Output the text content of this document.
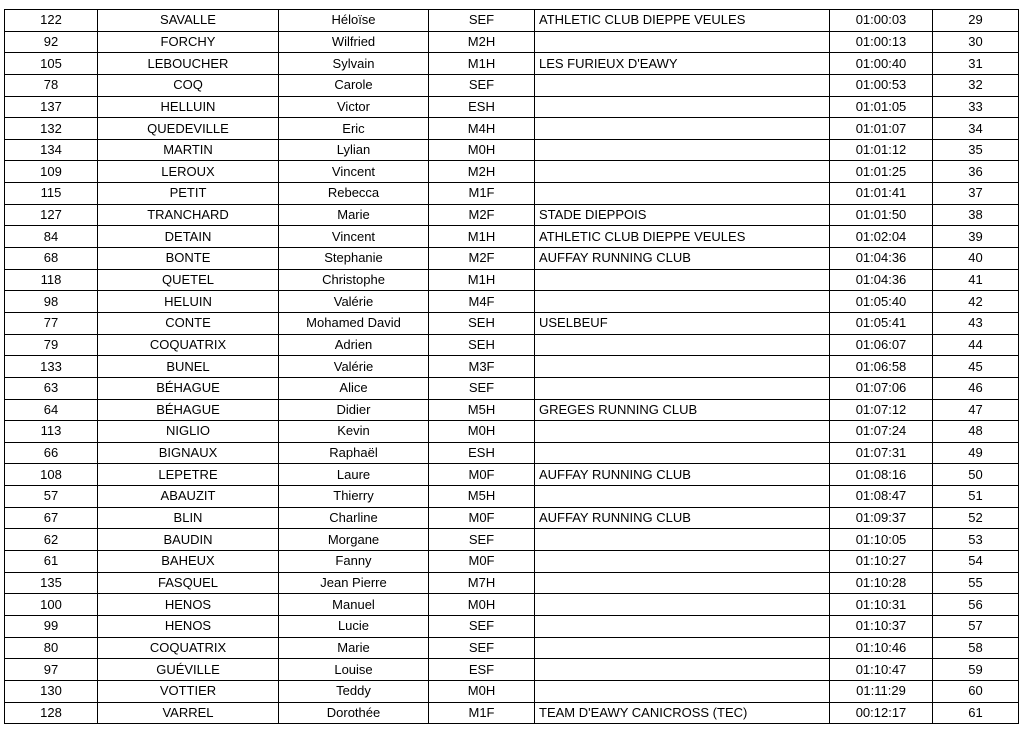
122	SAVALLE	Héloïse	SEF	ATHLETIC CLUB DIEPPE VEULES	01:00:03	29
92	FORCHY	Wilfried	M2H		01:00:13	30
105	LEBOUCHER	Sylvain	M1H	LES FURIEUX D'EAWY	01:00:40	31
78	COQ	Carole	SEF		01:00:53	32
137	HELLUIN	Victor	ESH		01:01:05	33
132	QUEDEVILLE	Eric	M4H		01:01:07	34
134	MARTIN	Lylian	M0H		01:01:12	35
109	LEROUX	Vincent	M2H		01:01:25	36
115	PETIT	Rebecca	M1F		01:01:41	37
127	TRANCHARD	Marie	M2F	STADE DIEPPOIS	01:01:50	38
84	DETAIN	Vincent	M1H	ATHLETIC CLUB DIEPPE VEULES	01:02:04	39
68	BONTE	Stephanie	M2F	AUFFAY RUNNING CLUB	01:04:36	40
118	QUETEL	Christophe	M1H		01:04:36	41
98	HELUIN	Valérie	M4F		01:05:40	42
77	CONTE	Mohamed David	SEH	USELBEUF	01:05:41	43
79	COQUATRIX	Adrien	SEH		01:06:07	44
133	BUNEL	Valérie	M3F		01:06:58	45
63	BÉHAGUE	Alice	SEF		01:07:06	46
64	BÉHAGUE	Didier	M5H	GREGES RUNNING CLUB	01:07:12	47
113	NIGLIO	Kevin	M0H		01:07:24	48
66	BIGNAUX	Raphaël	ESH		01:07:31	49
108	LEPETRE	Laure	M0F	AUFFAY RUNNING CLUB	01:08:16	50
57	ABAUZIT	Thierry	M5H		01:08:47	51
67	BLIN	Charline	M0F	AUFFAY RUNNING CLUB	01:09:37	52
62	BAUDIN	Morgane	SEF		01:10:05	53
61	BAHEUX	Fanny	M0F		01:10:27	54
135	FASQUEL	Jean Pierre	M7H		01:10:28	55
100	HENOS	Manuel	M0H		01:10:31	56
99	HENOS	Lucie	SEF		01:10:37	57
80	COQUATRIX	Marie	SEF		01:10:46	58
97	GUÉVILLE	Louise	ESF		01:10:47	59
130	VOTTIER	Teddy	M0H		01:11:29	60
128	VARREL	Dorothée	M1F	TEAM D'EAWY CANICROSS (TEC)	00:12:17	61
